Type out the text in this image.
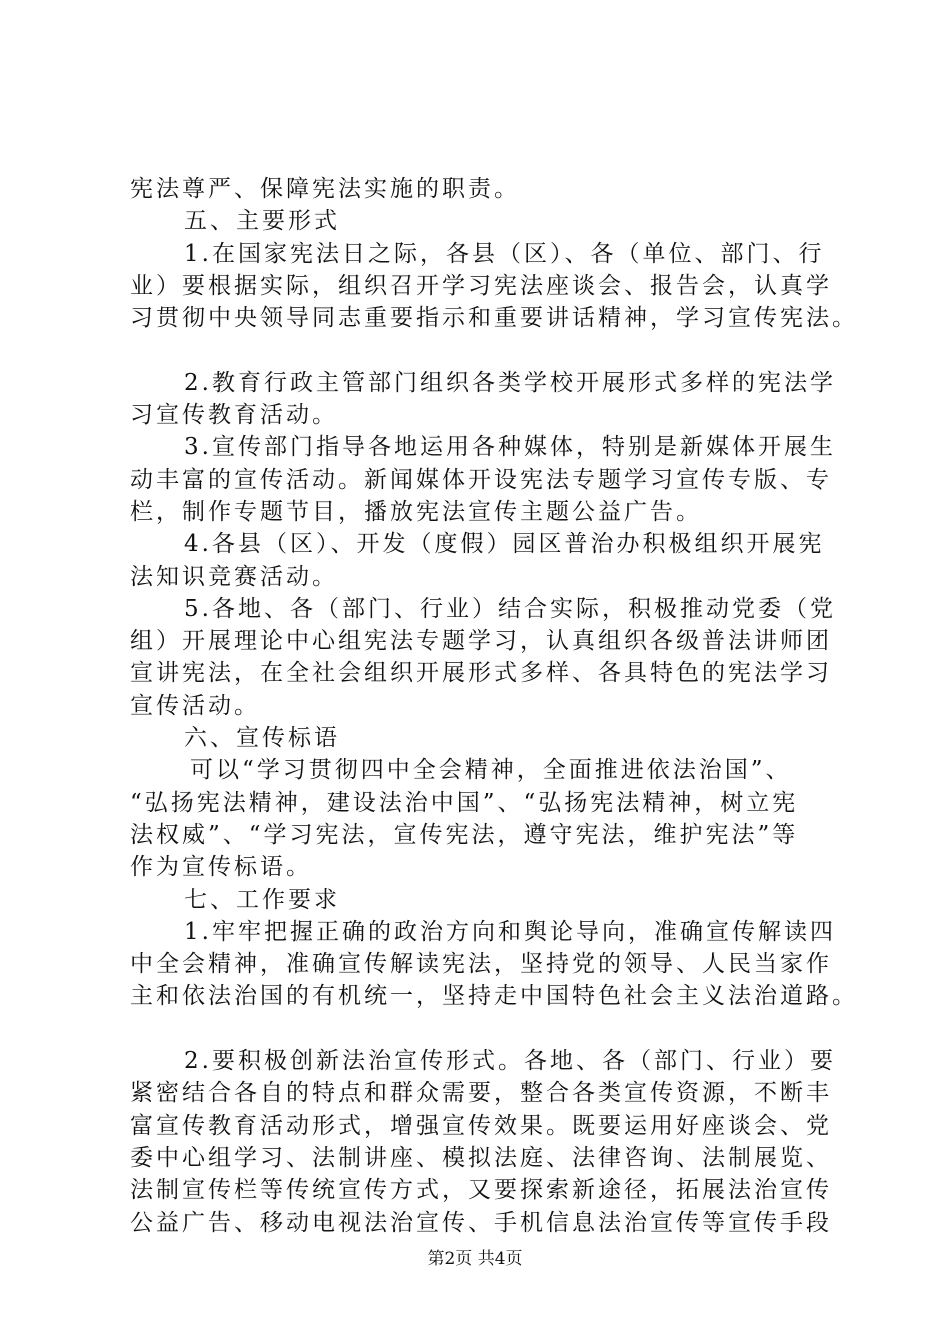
宪法尊严、保障宪法实施的职责。
五、主要形式
1.在国家宪法日之际，各县（区）、各（单位、部门、行
业）要根据实际，组织召开学习宪法座谈会、报告会，认真学
习贯彻中央领导同志重要指示和重要讲话精神，学习宣传宪法。
2.教育行政主管部门组织各类学校开展形式多样的宪法学
习宣传教育活动。
3.宣传部门指导各地运用各种媒体，特别是新媒体开展生
动丰富的宣传活动。新闻媒体开设宪法专题学习宣传专版、专
栏，制作专题节目，播放宪法宣传主题公益广告。
4.各县（区）、开发（度假）园区普治办积极组织开展宪
法知识竞赛活动。
5.各地、各（部门、行业）结合实际，积极推动党委（党
组）开展理论中心组宪法专题学习，认真组织各级普法讲师团
宣讲宪法，在全社会组织开展形式多样、各具特色的宪法学习
宣传活动。
六、宣传标语
可以“学习贯彻四中全会精神，全面推进依法治国”、
“弘扬宪法精神，建设法治中国”、“弘扬宪法精神，树立宪
法权威”、“学习宪法，宣传宪法，遵守宪法，维护宪法”等
作为宣传标语。
七、工作要求
1.牢牢把握正确的政治方向和舆论导向，准确宣传解读四
中全会精神，准确宣传解读宪法，坚持党的领导、人民当家作
主和依法治国的有机统一，坚持走中国特色社会主义法治道路。
2.要积极创新法治宣传形式。各地、各（部门、行业）要
紧密结合各自的特点和群众需要，整合各类宣传资源，不断丰
富宣传教育活动形式，增强宣传效果。既要运用好座谈会、党
委中心组学习、法制讲座、模拟法庭、法律咨询、法制展览、
法制宣传栏等传统宣传方式，又要探索新途径，拓展法治宣传
公益广告、移动电视法治宣传、手机信息法治宣传等宣传手段
第2页 共4页
